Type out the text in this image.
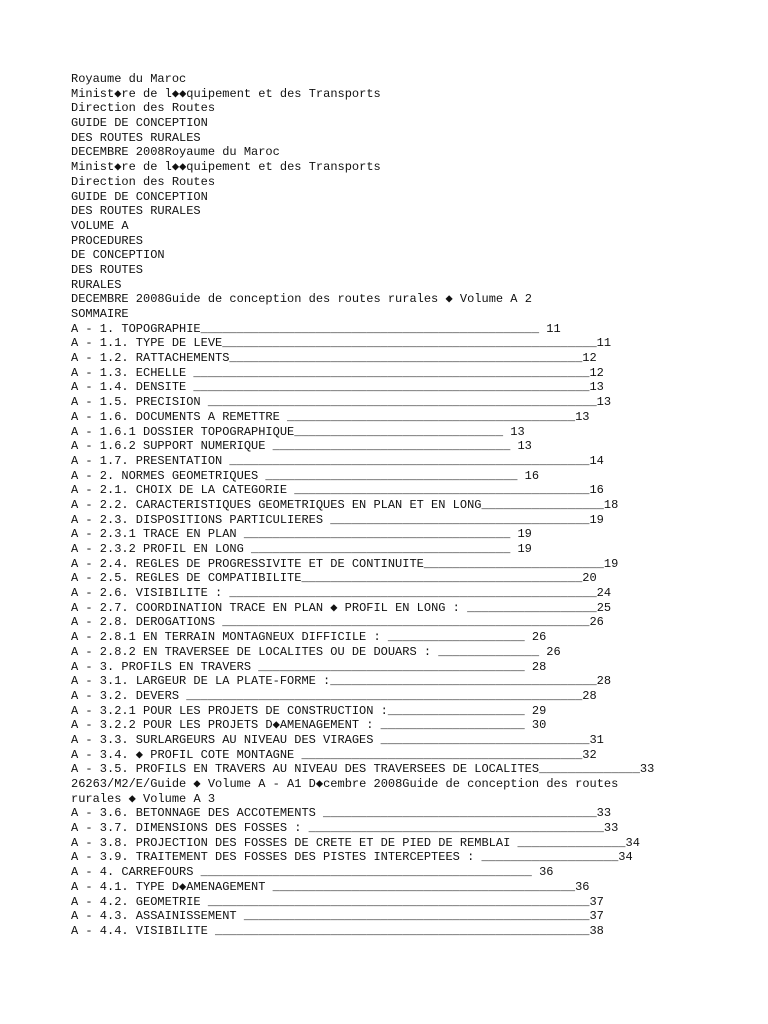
Royaume du Maroc
Minist◆re de l◆◆quipement et des Transports
Direction des Routes
GUIDE DE CONCEPTION
DES ROUTES RURALES
DECEMBRE 2008Royaume du Maroc
Minist◆re de l◆◆quipement et des Transports
Direction des Routes
GUIDE DE CONCEPTION
DES ROUTES RURALES
VOLUME A
PROCEDURES
DE CONCEPTION
DES ROUTES
RURALES
DECEMBRE 2008Guide de conception des routes rurales ◆ Volume A 2
SOMMAIRE
A - 1. TOPOGRAPHIE_______________________________________________ 11
A - 1.1. TYPE DE LEVE____________________________________________________11
A - 1.2. RATTACHEMENTS_________________________________________________12
A - 1.3. ECHELLE _______________________________________________________12
A - 1.4. DENSITE _______________________________________________________13
A - 1.5. PRECISION ______________________________________________________13
A - 1.6. DOCUMENTS A REMETTRE ________________________________________13
A - 1.6.1 DOSSIER TOPOGRAPHIQUE_____________________________ 13
A - 1.6.2 SUPPORT NUMERIQUE _________________________________ 13
A - 1.7. PRESENTATION __________________________________________________14
A - 2. NORMES GEOMETRIQUES ___________________________________ 16
A - 2.1. CHOIX DE LA CATEGORIE _________________________________________16
A - 2.2. CARACTERISTIQUES GEOMETRIQUES EN PLAN ET EN LONG_________________18
A - 2.3. DISPOSITIONS PARTICULIERES ____________________________________19
A - 2.3.1 TRACE EN PLAN _____________________________________ 19
A - 2.3.2 PROFIL EN LONG ____________________________________ 19
A - 2.4. REGLES DE PROGRESSIVITE ET DE CONTINUITE_________________________19
A - 2.5. REGLES DE COMPATIBILITE_______________________________________20
A - 2.6. VISIBILITE : ___________________________________________________24
A - 2.7. COORDINATION TRACE EN PLAN ◆ PROFIL EN LONG : __________________25
A - 2.8. DEROGATIONS ___________________________________________________26
A - 2.8.1 EN TERRAIN MONTAGNEUX DIFFICILE : ___________________ 26
A - 2.8.2 EN TRAVERSEE DE LOCALITES OU DE DOUARS : ______________ 26
A - 3. PROFILS EN TRAVERS _____________________________________ 28
A - 3.1. LARGEUR DE LA PLATE-FORME :_____________________________________28
A - 3.2. DEVERS _______________________________________________________28
A - 3.2.1 POUR LES PROJETS DE CONSTRUCTION :___________________ 29
A - 3.2.2 POUR LES PROJETS D◆AMENAGEMENT : ____________________ 30
A - 3.3. SURLARGEURS AU NIVEAU DES VIRAGES _____________________________31
A - 3.4. ◆ PROFIL COTE MONTAGNE _______________________________________32
A - 3.5. PROFILS EN TRAVERS AU NIVEAU DES TRAVERSEES DE LOCALITES______________33
26263/M2/E/Guide ◆ Volume A - A1 D◆cembre 2008Guide de conception des routes
rurales ◆ Volume A 3
A - 3.6. BETONNAGE DES ACCOTEMENTS ______________________________________33
A - 3.7. DIMENSIONS DES FOSSES : _________________________________________33
A - 3.8. PROJECTION DES FOSSES DE CRETE ET DE PIED DE REMBLAI _______________34
A - 3.9. TRAITEMENT DES FOSSES DES PISTES INTERCEPTEES : ___________________34
A - 4. CARREFOURS ______________________________________________ 36
A - 4.1. TYPE D◆AMENAGEMENT __________________________________________36
A - 4.2. GEOMETRIE _____________________________________________________37
A - 4.3. ASSAINISSEMENT ________________________________________________37
A - 4.4. VISIBILITE ____________________________________________________38
